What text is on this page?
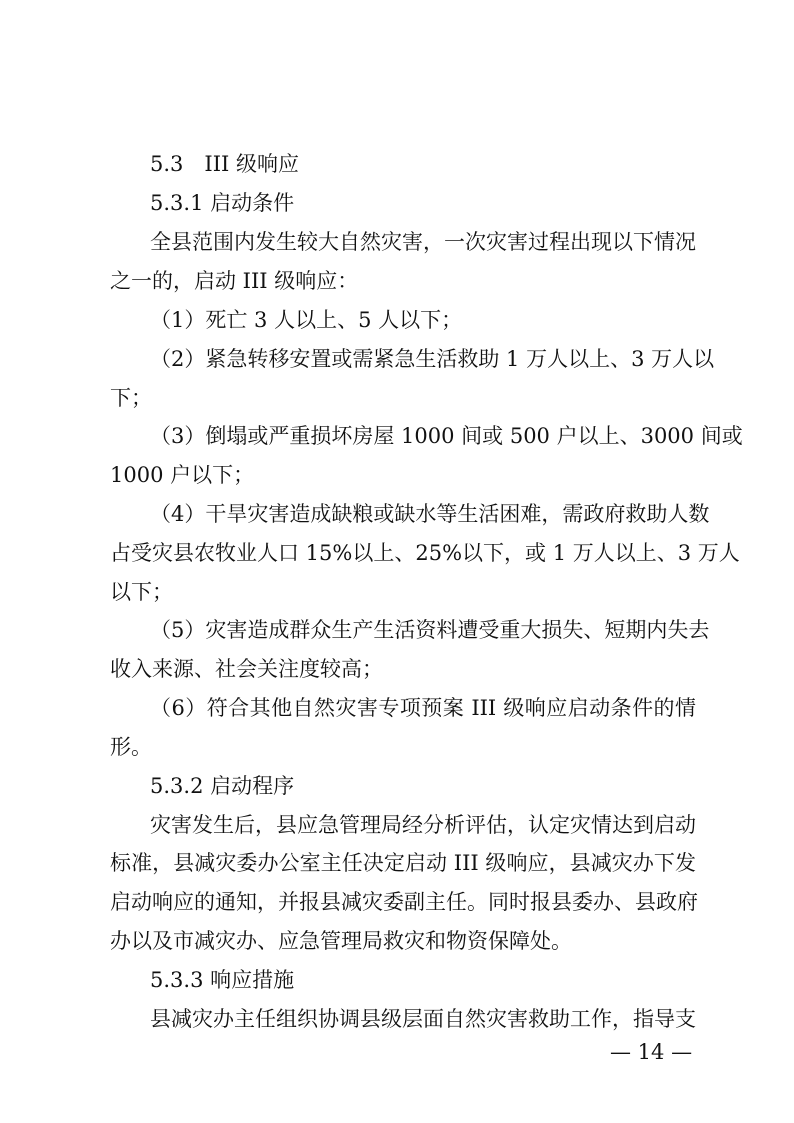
5.3　III 级响应
5.3.1 启动条件
全县范围内发生较大自然灾害，一次灾害过程出现以下情况
之一的，启动 III 级响应：
（1）死亡 3 人以上、5 人以下；
（2）紧急转移安置或需紧急生活救助 1 万人以上、3 万人以
下；
（3）倒塌或严重损坏房屋 1000 间或 500 户以上、3000 间或
1000 户以下；
（4）干旱灾害造成缺粮或缺水等生活困难，需政府救助人数
占受灾县农牧业人口 15%以上、25%以下，或 1 万人以上、3 万人
以下；
（5）灾害造成群众生产生活资料遭受重大损失、短期内失去
收入来源、社会关注度较高；
（6）符合其他自然灾害专项预案 III 级响应启动条件的情
形。
5.3.2 启动程序
灾害发生后，县应急管理局经分析评估，认定灾情达到启动
标准，县减灾委办公室主任决定启动 III 级响应，县减灾办下发
启动响应的通知，并报县减灾委副主任。同时报县委办、县政府
办以及市减灾办、应急管理局救灾和物资保障处。
5.3.3 响应措施
县减灾办主任组织协调县级层面自然灾害救助工作，指导支
— 14 —
